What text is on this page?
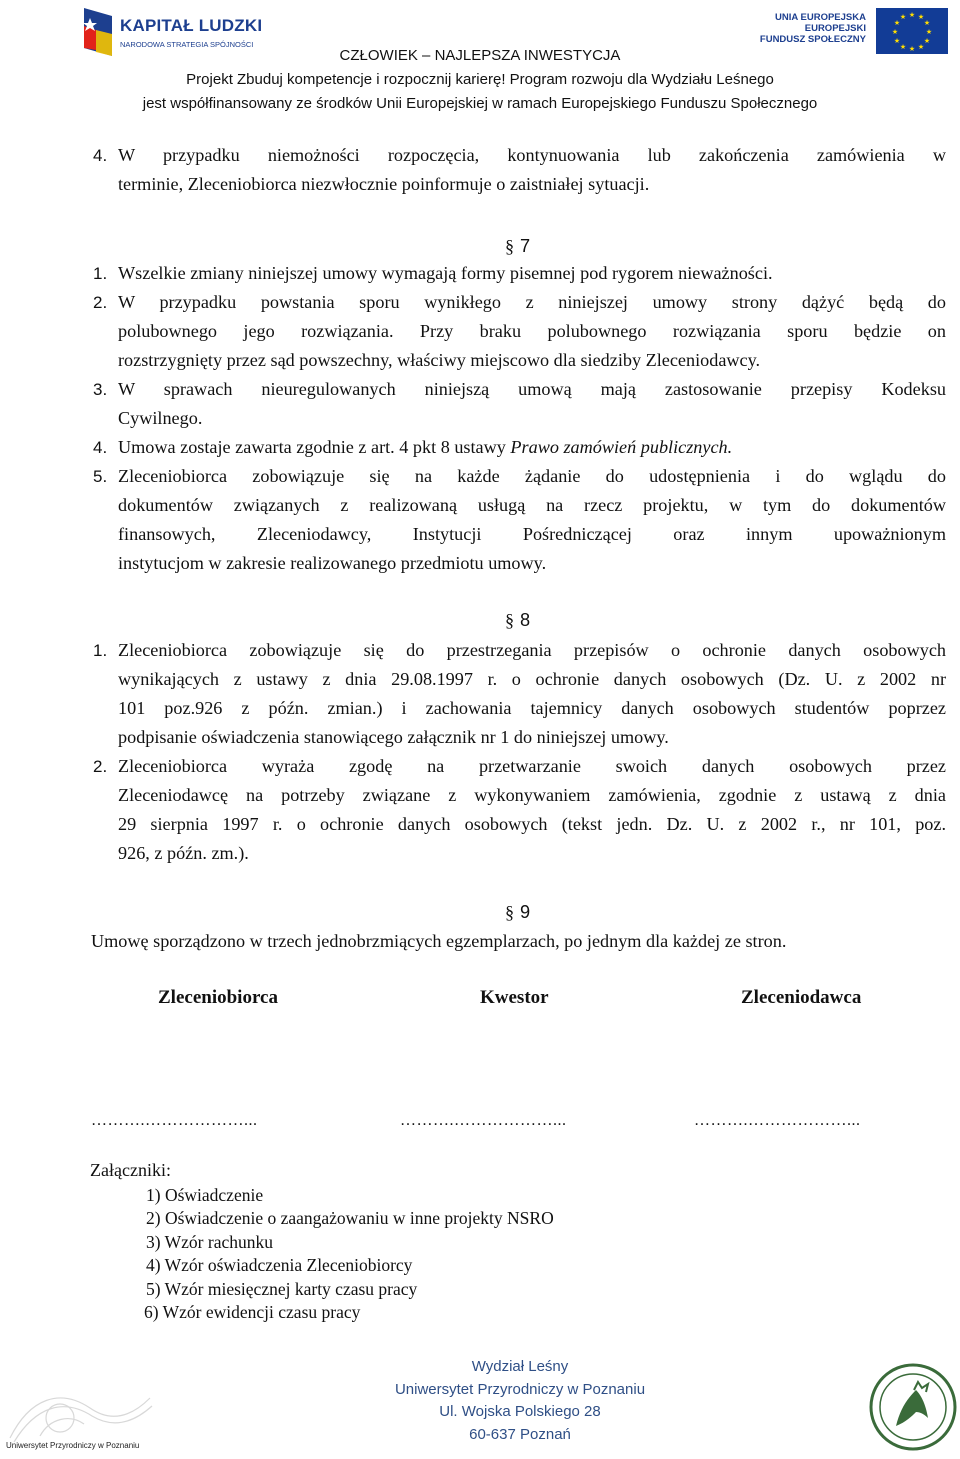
KAPITAŁ LUDZKI
NARODOWA STRATEGIA SPÓJNOŚCI
UNIA EUROPEJSKA
EUROPEJSKI
FUNDUSZ SPOŁECZNY
★ ★
★
★
★
★
★
★
★
★
★
★
CZŁOWIEK – NAJLEPSZA INWESTYCJA
Projekt Zbuduj kompetencje i rozpocznij karierę! Program rozwoju dla Wydziału Leśnego
jest współfinansowany ze środków Unii Europejskiej w ramach Europejskiego Funduszu Społecznego
4. W przypadku niemożności rozpoczęcia, kontynuowania lub zakończenia zamówienia w
terminie, Zleceniobiorca niezwłocznie poinformuje o zaistniałej sytuacji.
§ 7
1. Wszelkie zmiany niniejszej umowy wymagają formy pisemnej pod rygorem nieważności.
2. W przypadku powstania sporu wynikłego z niniejszej umowy strony dążyć będą do
polubownego jego rozwiązania. Przy braku polubownego rozwiązania sporu będzie on
rozstrzygnięty przez sąd powszechny, właściwy miejscowo dla siedziby Zleceniodawcy.
3. W sprawach nieuregulowanych niniejszą umową mają zastosowanie przepisy Kodeksu
Cywilnego.
4. Umowa zostaje zawarta zgodnie z art. 4 pkt 8 ustawy Prawo zamówień publicznych.
5. Zleceniobiorca zobowiązuje się na każde żądanie do udostępnienia i do wglądu do
dokumentów związanych z realizowaną usługą na rzecz projektu, w tym do dokumentów
finansowych, Zleceniodawcy, Instytucji Pośredniczącej oraz innym upoważnionym
instytucjom w zakresie realizowanego przedmiotu umowy.
§ 8
1. Zleceniobiorca zobowiązuje się do przestrzegania przepisów o ochronie danych osobowych
wynikających z ustawy z dnia 29.08.1997 r. o ochronie danych osobowych (Dz. U. z 2002 nr
101 poz.926 z późn. zmian.) i zachowania tajemnicy danych osobowych studentów poprzez
podpisanie oświadczenia stanowiącego załącznik nr 1 do niniejszej umowy.
2. Zleceniobiorca wyraża zgodę na przetwarzanie swoich danych osobowych przez
Zleceniodawcę na potrzeby związane z wykonywaniem zamówienia, zgodnie z ustawą z dnia
29 sierpnia 1997 r. o ochronie danych osobowych (tekst jedn. Dz. U. z 2002 r., nr 101, poz.
926, z późn. zm.).
§ 9
Umowę sporządzono w trzech jednobrzmiących egzemplarzach, po jednym dla każdej ze stron.
Zleceniobiorca	Kwestor	Zleceniodawca
……….………………...	……….………………...	……….………………...
Załączniki:
1) Oświadczenie
2) Oświadczenie o zaangażowaniu w inne projekty NSRO
3) Wzór rachunku
4) Wzór oświadczenia Zleceniobiorcy
5) Wzór miesięcznej karty czasu pracy
6) Wzór ewidencji czasu pracy
Uniwersytet Przyrodniczy w Poznaniu
Wydział Leśny
Uniwersytet Przyrodniczy w Poznaniu
Ul. Wojska Polskiego 28
60-637 Poznań
